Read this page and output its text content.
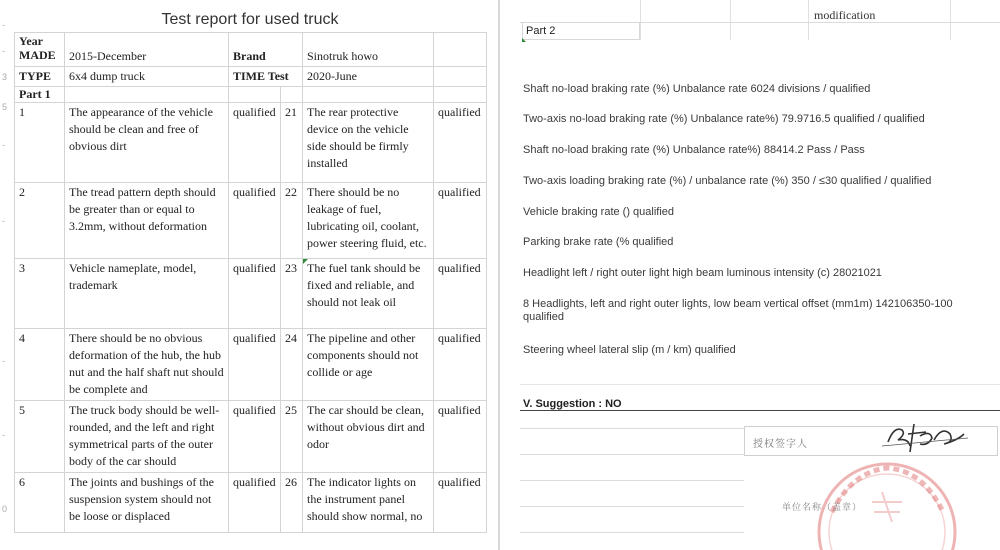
-
-
3
5
-
-
-
-
0
Test report for used truck
Year MADE	2015-December	Brand		Sinotruk howo	
TYPE	6x4 dump truck	TIME Test		2020-June	
Part 1					
1	The appearance of the vehicle should be clean and free of obvious dirt	qualified	21	The rear protective device on the vehicle side should be firmly installed	qualified
2	The tread pattern depth should be greater than or equal to 3.2mm, without deformation	qualified	22	There should be no leakage of fuel, lubricating oil, coolant, power steering fluid, etc.	qualified
3	Vehicle nameplate, model, trademark	qualified	23	The fuel tank should be fixed and reliable, and should not leak oil	qualified
4	There should be no obvious deformation of the hub, the hub nut and the half shaft nut should be complete and	qualified	24	The pipeline and other components should not collide or age	qualified
5	The truck body should be well-rounded, and the left and right symmetrical parts of the outer body of the car should	qualified	25	The car should be clean, without obvious dirt and odor	qualified
6	The joints and bushings of the suspension system should not be loose or displaced	qualified	26	The indicator lights on the instrument panel should show normal, no	qualified
modification
Part 2
Shaft no-load braking rate (%) Unbalance rate 6024 divisions / qualified
Two-axis no-load braking rate (%) Unbalance rate%) 79.9716.5 qualified / qualified
Shaft no-load braking rate (%) Unbalance rate%) 88414.2 Pass / Pass
Two-axis loading braking rate (%) / unbalance rate (%) 350 / ≤30 qualified / qualified
Vehicle braking rate () qualified
Parking brake rate (% qualified
Headlight left / right outer light high beam luminous intensity (c) 28021021
8 Headlights, left and right outer lights, low beam vertical offset (mm1m) 142106350-100 qualified
Steering wheel lateral slip (m / km) qualified
V. Suggestion : NO
授权签字人
单位名称（盖章）
